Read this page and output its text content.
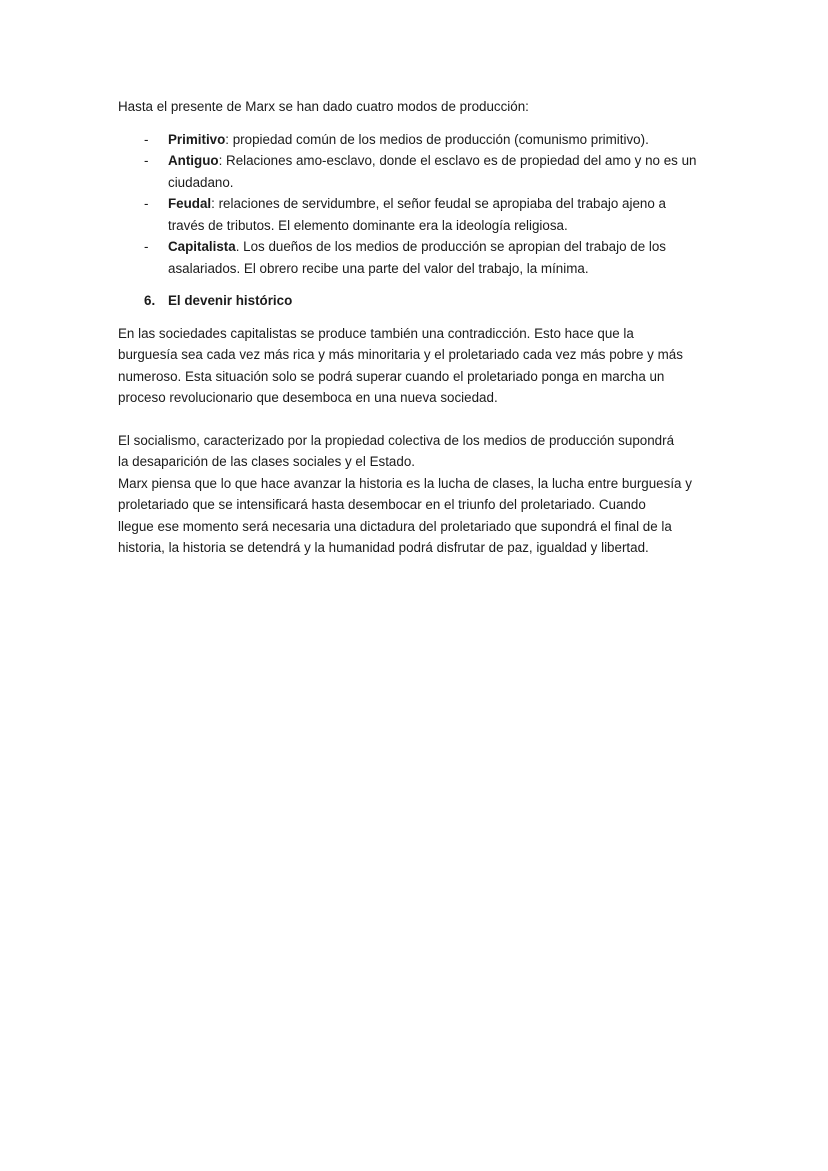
Hasta el presente de Marx se han dado cuatro modos de producción:
- Primitivo: propiedad común de los medios de producción (comunismo primitivo).
- Antiguo: Relaciones amo-esclavo, donde el esclavo es de propiedad del amo y no es un
ciudadano.
- Feudal: relaciones de servidumbre, el señor feudal se apropiaba del trabajo ajeno a
través de tributos. El elemento dominante era la ideología religiosa.
- Capitalista. Los dueños de los medios de producción se apropian del trabajo de los
asalariados. El obrero recibe una parte del valor del trabajo, la mínima.
6. El devenir histórico
En las sociedades capitalistas se produce también una contradicción. Esto hace que la
burguesía sea cada vez más rica y más minoritaria y el proletariado cada vez más pobre y más
numeroso. Esta situación solo se podrá superar cuando el proletariado ponga en marcha un
proceso revolucionario que desemboca en una nueva sociedad.
El socialismo, caracterizado por la propiedad colectiva de los medios de producción supondrá
la desaparición de las clases sociales y el Estado.
Marx piensa que lo que hace avanzar la historia es la lucha de clases, la lucha entre burguesía y
proletariado que se intensificará hasta desembocar en el triunfo del proletariado. Cuando
llegue ese momento será necesaria una dictadura del proletariado que supondrá el final de la
historia, la historia se detendrá y la humanidad podrá disfrutar de paz, igualdad y libertad.
